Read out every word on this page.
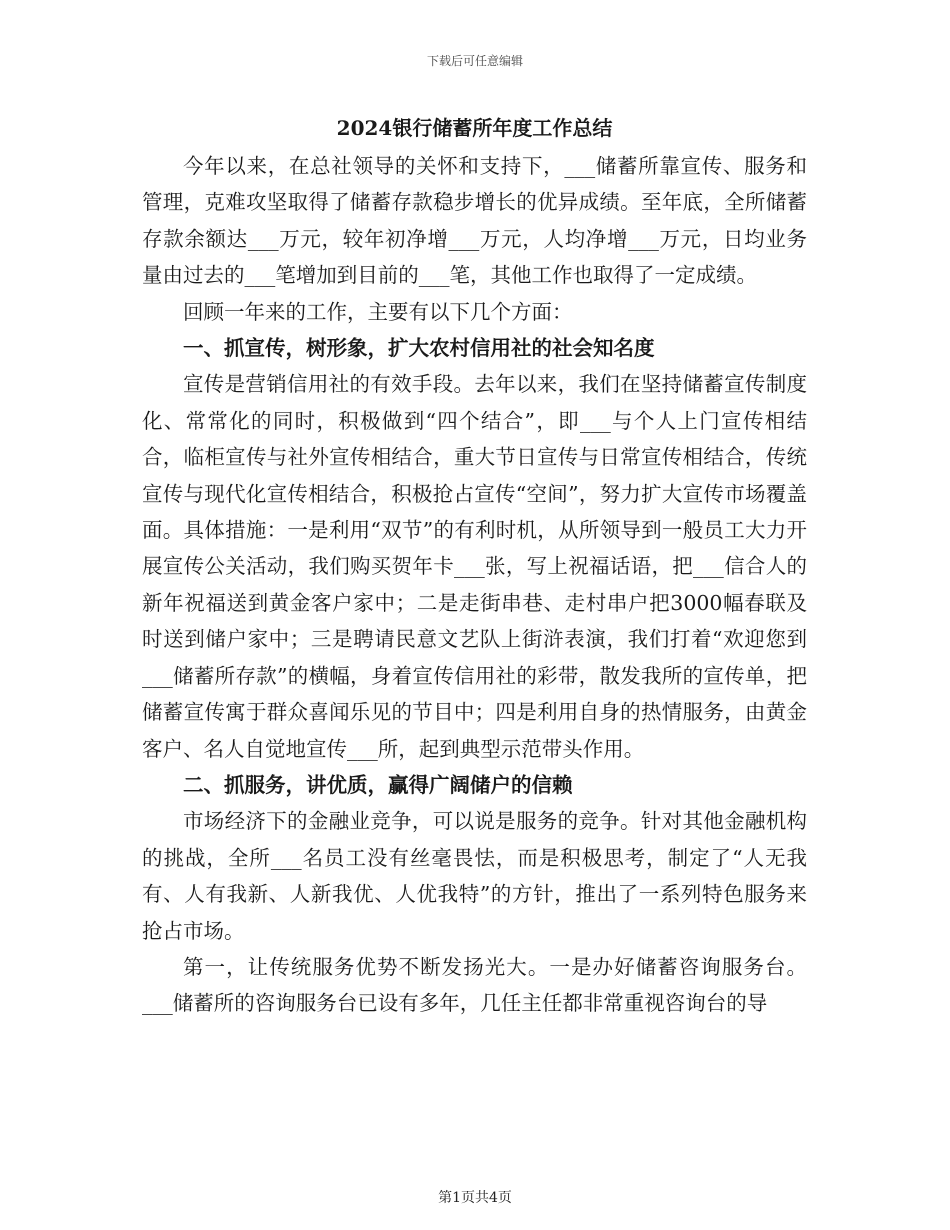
下载后可任意编辑
2024银行储蓄所年度工作总结

今年以来，在总社领导的关怀和支持下，___储蓄所靠宣传、服务和管理，克难攻坚取得了储蓄存款稳步增长的优异成绩。至年底，全所储蓄存款余额达___万元，较年初净增___万元，人均净增___万元，日均业务量由过去的___笔增加到目前的___笔，其他工作也取得了一定成绩。

回顾一年来的工作，主要有以下几个方面：

一、抓宣传，树形象，扩大农村信用社的社会知名度

宣传是营销信用社的有效手段。去年以来，我们在坚持储蓄宣传制度化、常常化的同时，积极做到“四个结合”，即___与个人上门宣传相结合，临柜宣传与社外宣传相结合，重大节日宣传与日常宣传相结合，传统宣传与现代化宣传相结合，积极抢占宣传“空间”，努力扩大宣传市场覆盖面。具体措施：一是利用“双节”的有利时机，从所领导到一般员工大力开展宣传公关活动，我们购买贺年卡___张，写上祝福话语，把___信合人的新年祝福送到黄金客户家中；二是走街串巷、走村串户把3000幅春联及时送到储户家中；三是聘请民意文艺队上街浒表演，我们打着“欢迎您到___储蓄所存款”的横幅，身着宣传信用社的彩带，散发我所的宣传单，把储蓄宣传寓于群众喜闻乐见的节目中；四是利用自身的热情服务，由黄金客户、名人自觉地宣传___所，起到典型示范带头作用。

二、抓服务，讲优质，赢得广阔储户的信赖

市场经济下的金融业竞争，可以说是服务的竞争。针对其他金融机构的挑战，全所___名员工没有丝毫畏怯，而是积极思考，制定了“人无我有、人有我新、人新我优、人优我特”的方针，推出了一系列特色服务来抢占市场。

第一，让传统服务优势不断发扬光大。一是办好储蓄咨询服务台。___储蓄所的咨询服务台已设有多年，几任主任都非常重视咨询台的导

第1页共4页
